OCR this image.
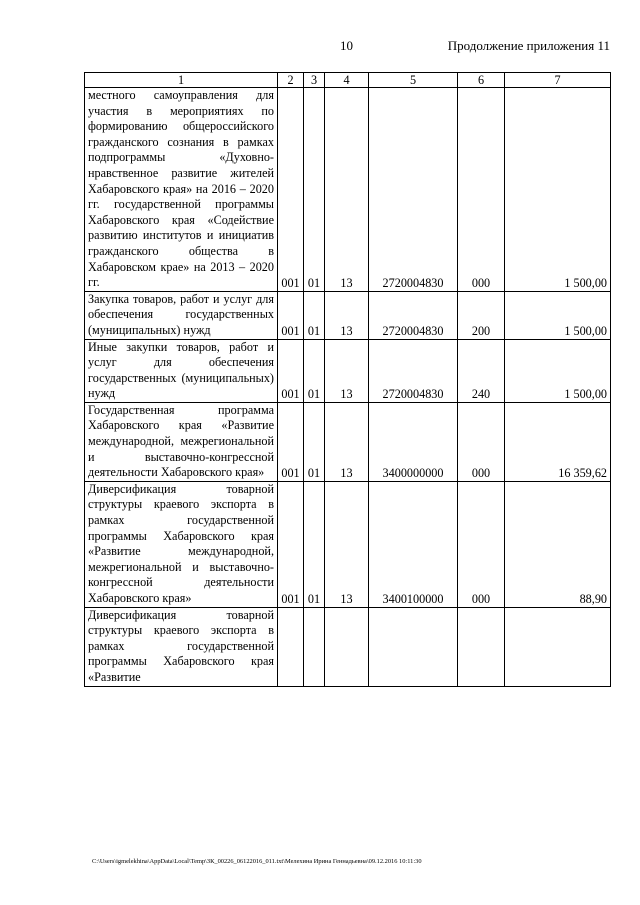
10	Продолжение приложения 11
1	2	3	4	5	6	7
местного самоуправления для участия в мероприятиях по формированию общероссийского гражданского сознания в рамках подпрограммы «Духовно-нравственное развитие жителей Хабаровского края» на 2016 – 2020 гг. государственной программы Хабаровского края «Содействие развитию институтов и инициатив гражданского общества в Хабаровском крае» на 2013 – 2020 гг.	001	01	13	2720004830	000	1 500,00
Закупка товаров, работ и услуг для обеспечения государственных (муниципальных) нужд	001	01	13	2720004830	200	1 500,00
Иные закупки товаров, работ и услуг для обеспечения государственных (муниципальных) нужд	001	01	13	2720004830	240	1 500,00
Государственная программа Хабаровского края «Развитие международной, межрегиональной и выставочно-конгрессной деятельности Хабаровского края»	001	01	13	3400000000	000	16 359,62
Диверсификация товарной структуры краевого экспорта в рамках государственной программы Хабаровского края «Развитие международной, межрегиональной и выставочно-конгрессной деятельности Хабаровского края»	001	01	13	3400100000	000	88,90
Диверсификация товарной структуры краевого экспорта в рамках государственной программы Хабаровского края «Развитие						
C:\Users\igmelekhina\AppData\Local\Temp\ЗК_00226_06122016_011.txt\Мелехина Ирина Геннадьевна\09.12.2016 10:11:30
